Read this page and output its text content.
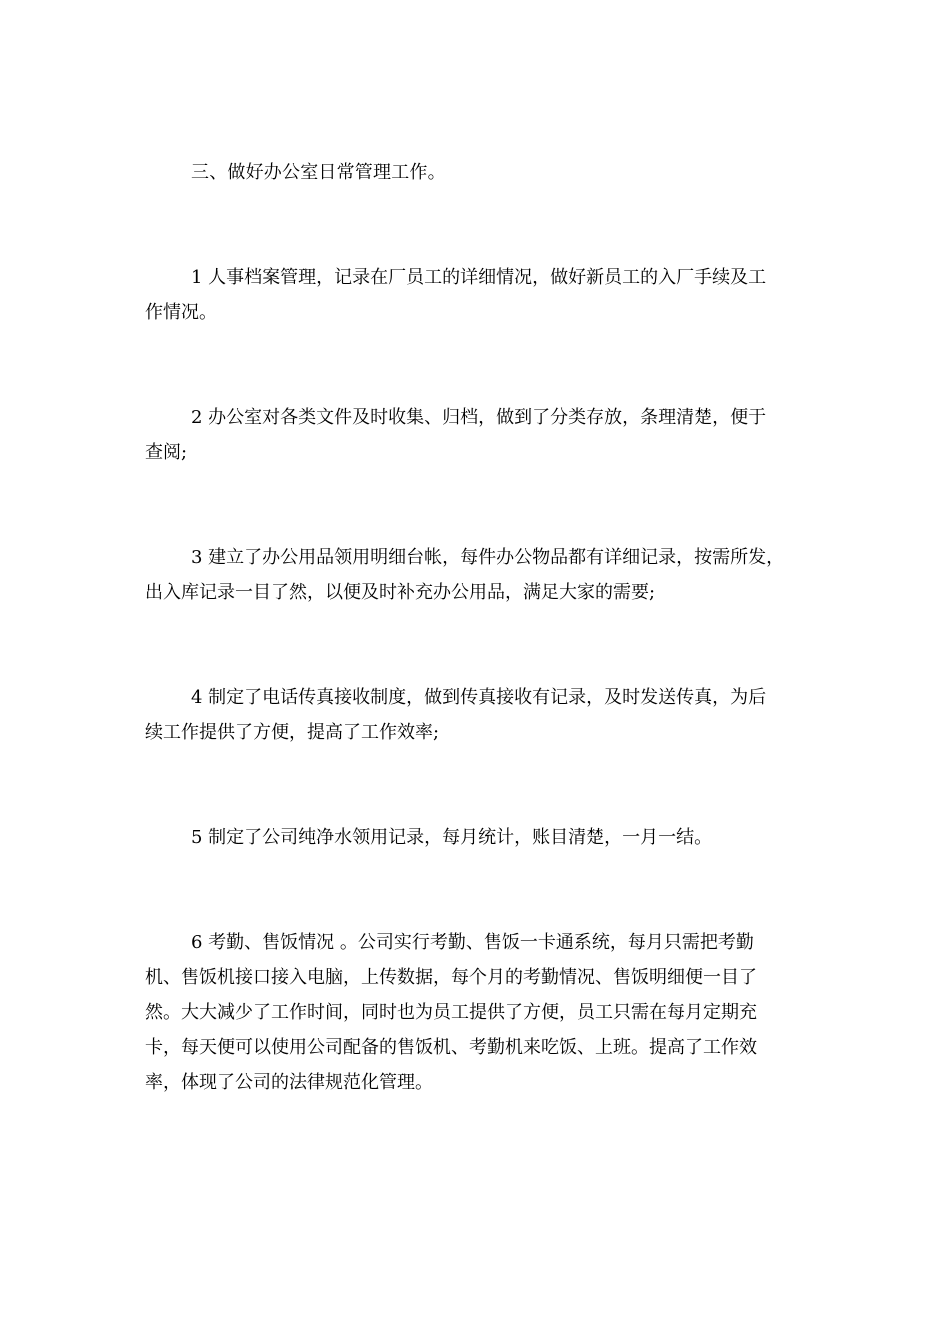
三、做好办公室日常管理工作。

1 人事档案管理，记录在厂员工的详细情况，做好新员工的入厂手续及工

作情况。

2 办公室对各类文件及时收集、归档，做到了分类存放，条理清楚，便于

查阅;

3 建立了办公用品领用明细台帐，每件办公物品都有详细记录，按需所发，

出入库记录一目了然，以便及时补充办公用品，满足大家的需要;

4 制定了电话传真接收制度，做到传真接收有记录，及时发送传真，为后

续工作提供了方便，提高了工作效率;

5 制定了公司纯净水领用记录，每月统计，账目清楚，一月一结。

6 考勤、售饭情况 。公司实行考勤、售饭一卡通系统，每月只需把考勤

机、售饭机接口接入电脑，上传数据，每个月的考勤情况、售饭明细便一目了

然。大大减少了工作时间，同时也为员工提供了方便，员工只需在每月定期充

卡，每天便可以使用公司配备的售饭机、考勤机来吃饭、上班。提高了工作效

率，体现了公司的法律规范化管理。
